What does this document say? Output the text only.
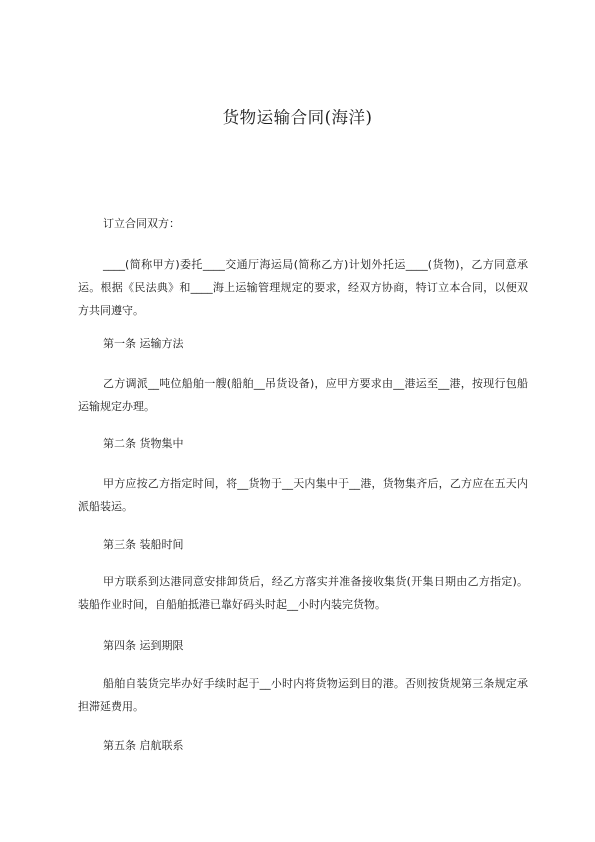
货物运输合同(海洋)
订立合同双方：
____(简称甲方)委托____交通厅海运局(简称乙方)计划外托运____(货物)，乙方同意承运。根据《民法典》和____海上运输管理规定的要求，经双方协商，特订立本合同，以便双方共同遵守。
第一条 运输方法
乙方调派__吨位船舶一艘(船舶__吊货设备)，应甲方要求由__港运至__港，按现行包船运输规定办理。
第二条 货物集中
甲方应按乙方指定时间，将__货物于__天内集中于__港，货物集齐后，乙方应在五天内派船装运。
第三条 装船时间
甲方联系到达港同意安排卸货后，经乙方落实并准备接收集货(开集日期由乙方指定)。装船作业时间，自船舶抵港已靠好码头时起__小时内装完货物。
第四条 运到期限
船舶自装货完毕办好手续时起于__小时内将货物运到目的港。否则按货规第三条规定承担滞延费用。
第五条 启航联系
